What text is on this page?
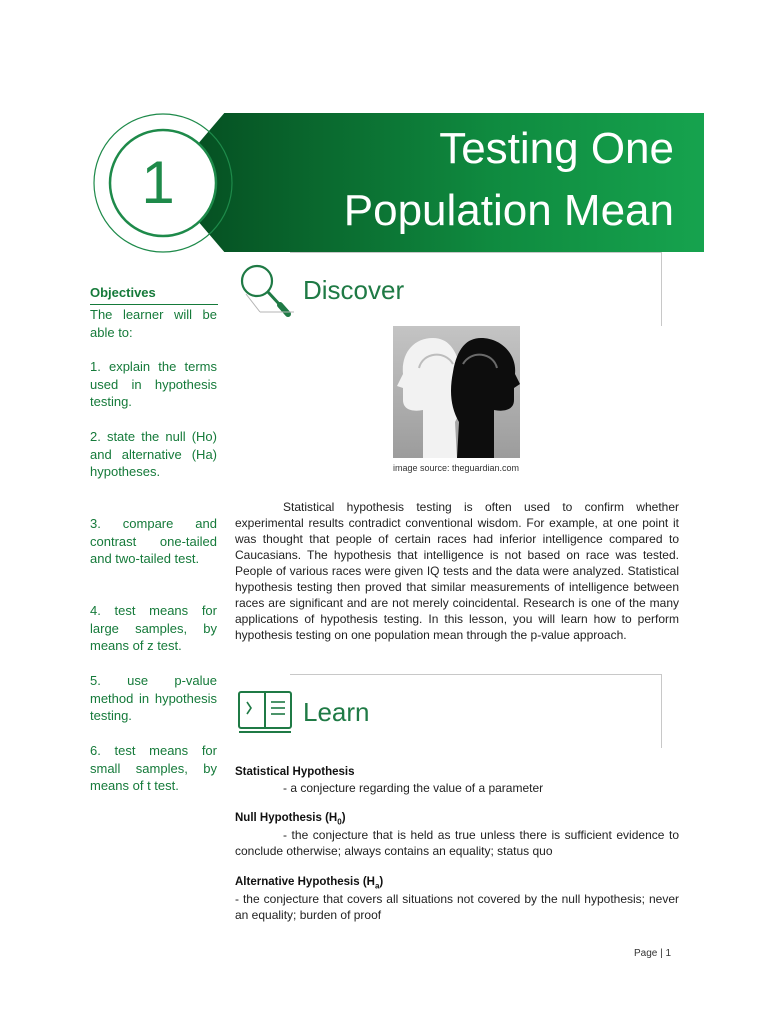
Testing One
Population Mean
1
Objectives
The learner will be able to:
1. explain the terms used in hypothesis testing.
2. state the null (Ho) and alternative (Ha) hypotheses.
3. compare and contrast one-tailed and two-tailed test.
4. test means for large samples, by means of z test.
5. use p-value method in hypothesis testing.
6. test means for small samples, by means of t test.
Discover
image source: theguardian.com
Statistical hypothesis testing is often used to confirm whether experimental results contradict conventional wisdom. For example, at one point it was thought that people of certain races had inferior intelligence compared to Caucasians. The hypothesis that intelligence is not based on race was tested. People of various races were given IQ tests and the data were analyzed. Statistical hypothesis testing then proved that similar measurements of intelligence between races are significant and are not merely coincidental. Research is one of the many applications of hypothesis testing. In this lesson, you will learn how to perform hypothesis testing on one population mean through the p-value approach.
Learn
Statistical Hypothesis
- a conjecture regarding the value of a parameter
Null Hypothesis $(H_0)$
- the conjecture that is held as true unless there is sufficient evidence to conclude otherwise; always contains an equality; status quo
Alternative Hypothesis $(H_a)$
- the conjecture that covers all situations not covered by the null hypothesis; never an equality; burden of proof
Page | 1
